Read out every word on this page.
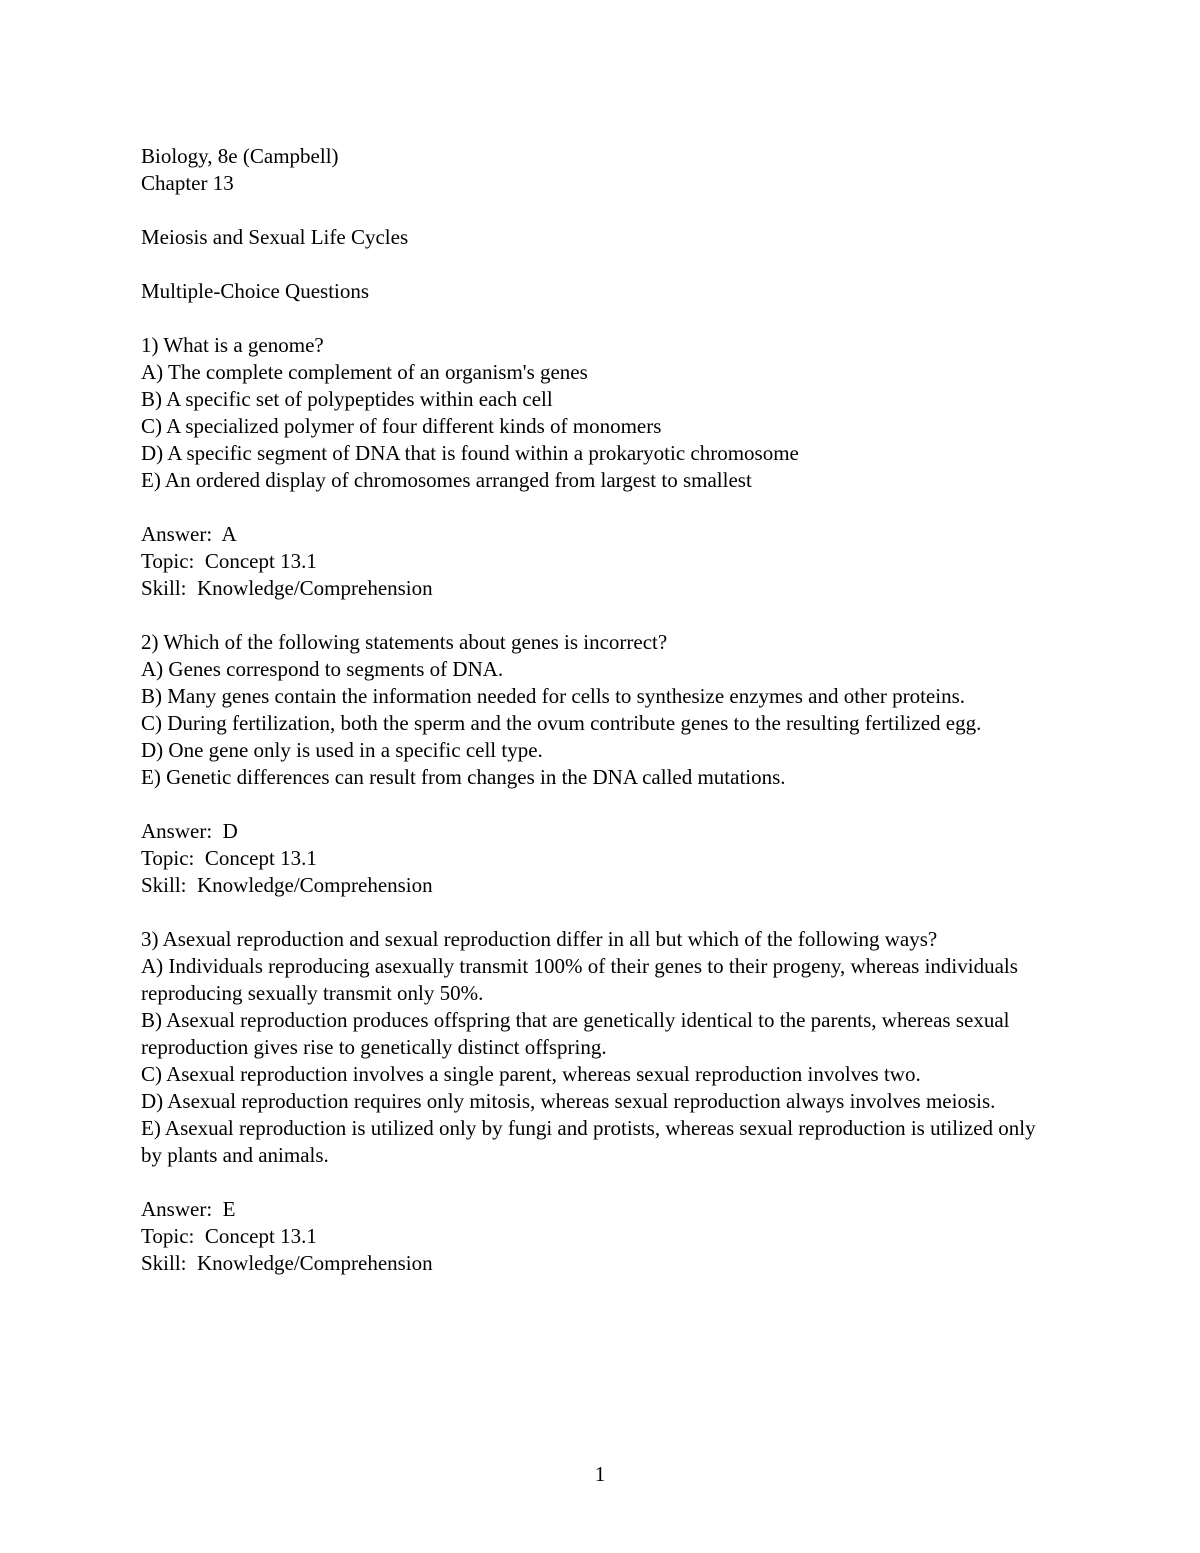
Biology, 8e (Campbell)
Chapter 13
Meiosis and Sexual Life Cycles
Multiple-Choice Questions
1) What is a genome?
A) The complete complement of an organism's genes
B) A specific set of polypeptides within each cell
C) A specialized polymer of four different kinds of monomers
D) A specific segment of DNA that is found within a prokaryotic chromosome
E) An ordered display of chromosomes arranged from largest to smallest
Answer:  A
Topic:  Concept 13.1
Skill:  Knowledge/Comprehension
2) Which of the following statements about genes is incorrect?
A) Genes correspond to segments of DNA.
B) Many genes contain the information needed for cells to synthesize enzymes and other proteins.
C) During fertilization, both the sperm and the ovum contribute genes to the resulting fertilized egg.
D) One gene only is used in a specific cell type.
E) Genetic differences can result from changes in the DNA called mutations.
Answer:  D
Topic:  Concept 13.1
Skill:  Knowledge/Comprehension
3) Asexual reproduction and sexual reproduction differ in all but which of the following ways?
A) Individuals reproducing asexually transmit 100% of their genes to their progeny, whereas individuals reproducing sexually transmit only 50%.
B) Asexual reproduction produces offspring that are genetically identical to the parents, whereas sexual reproduction gives rise to genetically distinct offspring.
C) Asexual reproduction involves a single parent, whereas sexual reproduction involves two.
D) Asexual reproduction requires only mitosis, whereas sexual reproduction always involves meiosis.
E) Asexual reproduction is utilized only by fungi and protists, whereas sexual reproduction is utilized only by plants and animals.
Answer:  E
Topic:  Concept 13.1
Skill:  Knowledge/Comprehension
1
